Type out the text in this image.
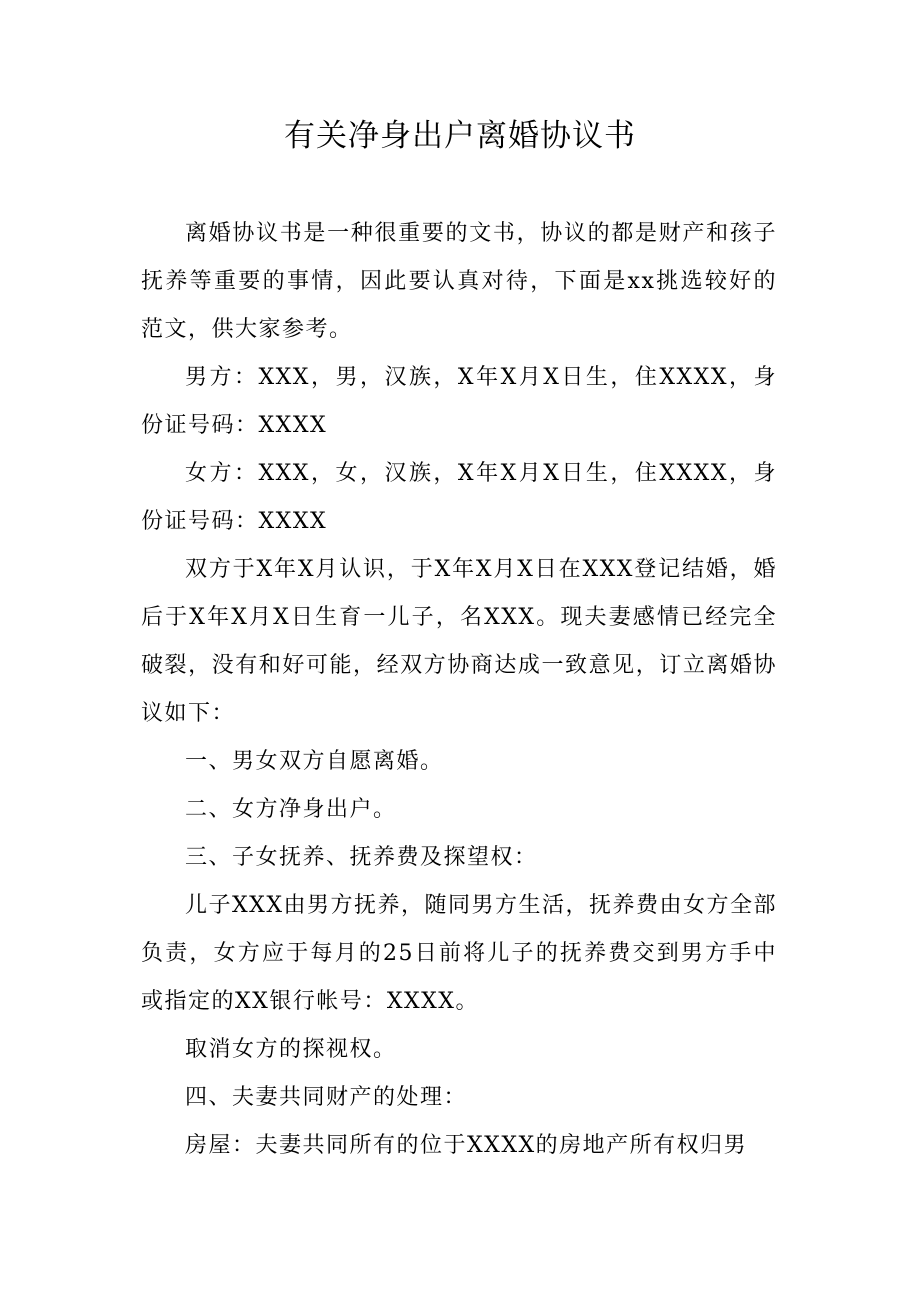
有关净身出户离婚协议书

离婚协议书是一种很重要的文书，协议的都是财产和孩子抚养等重要的事情，因此要认真对待，下面是xx挑选较好的范文，供大家参考。

男方：XXX，男，汉族，X年X月X日生，住XXXX，身份证号码：XXXX

女方：XXX，女，汉族，X年X月X日生，住XXXX，身份证号码：XXXX

双方于X年X月认识，于X年X月X日在XXX登记结婚，婚后于X年X月X日生育一儿子，名XXX。现夫妻感情已经完全破裂，没有和好可能，经双方协商达成一致意见，订立离婚协议如下：

一、男女双方自愿离婚。

二、女方净身出户。

三、子女抚养、抚养费及探望权：

儿子XXX由男方抚养，随同男方生活，抚养费由女方全部负责，女方应于每月的25日前将儿子的抚养费交到男方手中或指定的XX银行帐号：XXXX。

取消女方的探视权。

四、夫妻共同财产的处理：

房屋：夫妻共同所有的位于XXXX的房地产所有权归男
